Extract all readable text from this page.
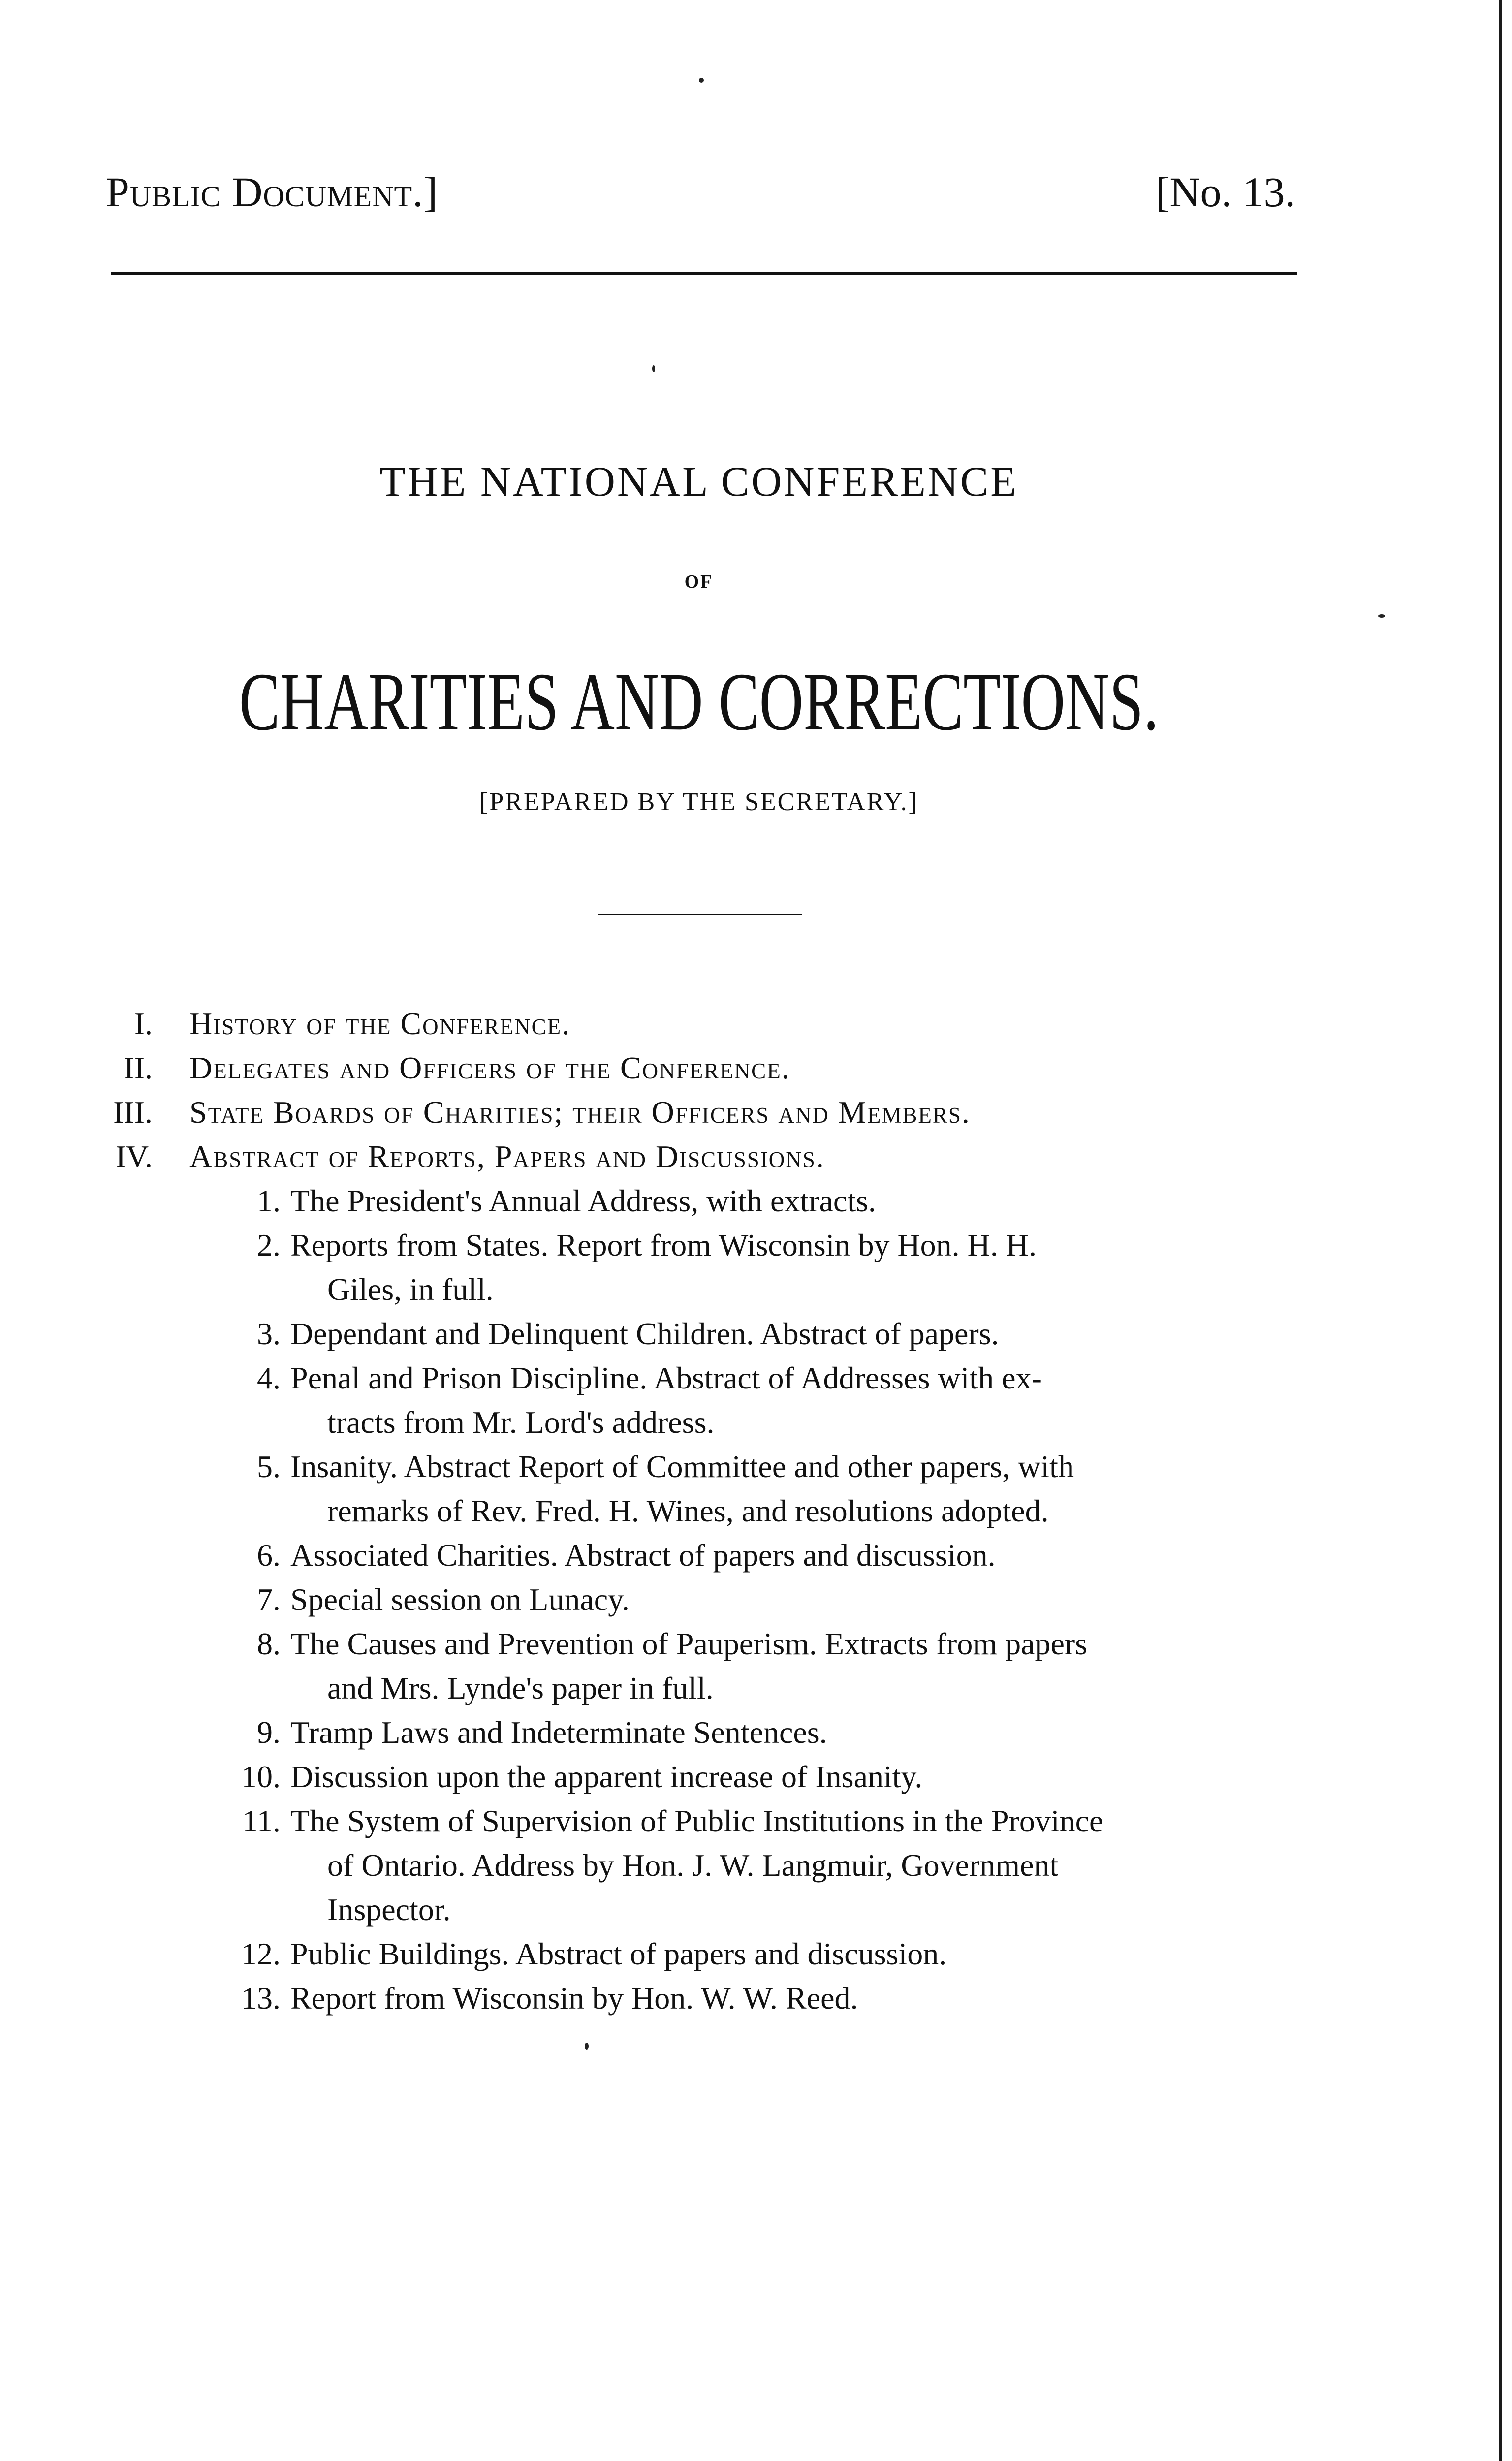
Public Document.]	[No. 13.
THE NATIONAL CONFERENCE
OF
CHARITIES AND CORRECTIONS.
[PREPARED BY THE SECRETARY.]
I. History of the Conference.
II. Delegates and Officers of the Conference.
III. State Boards of Charities; their Officers and Members.
IV. Abstract of Reports, Papers and Discussions.
1. The President's Annual Address, with extracts.
2. Reports from States. Report from Wisconsin by Hon. H. H.
Giles, in full.
3. Dependant and Delinquent Children. Abstract of papers.
4. Penal and Prison Discipline. Abstract of Addresses with ex-
tracts from Mr. Lord's address.
5. Insanity. Abstract Report of Committee and other papers, with
remarks of Rev. Fred. H. Wines, and resolutions adopted.
6. Associated Charities. Abstract of papers and discussion.
7. Special session on Lunacy.
8. The Causes and Prevention of Pauperism. Extracts from papers
and Mrs. Lynde's paper in full.
9. Tramp Laws and Indeterminate Sentences.
10. Discussion upon the apparent increase of Insanity.
11. The System of Supervision of Public Institutions in the Province
of Ontario. Address by Hon. J. W. Langmuir, Government
Inspector.
12. Public Buildings. Abstract of papers and discussion.
13. Report from Wisconsin by Hon. W. W. Reed.
